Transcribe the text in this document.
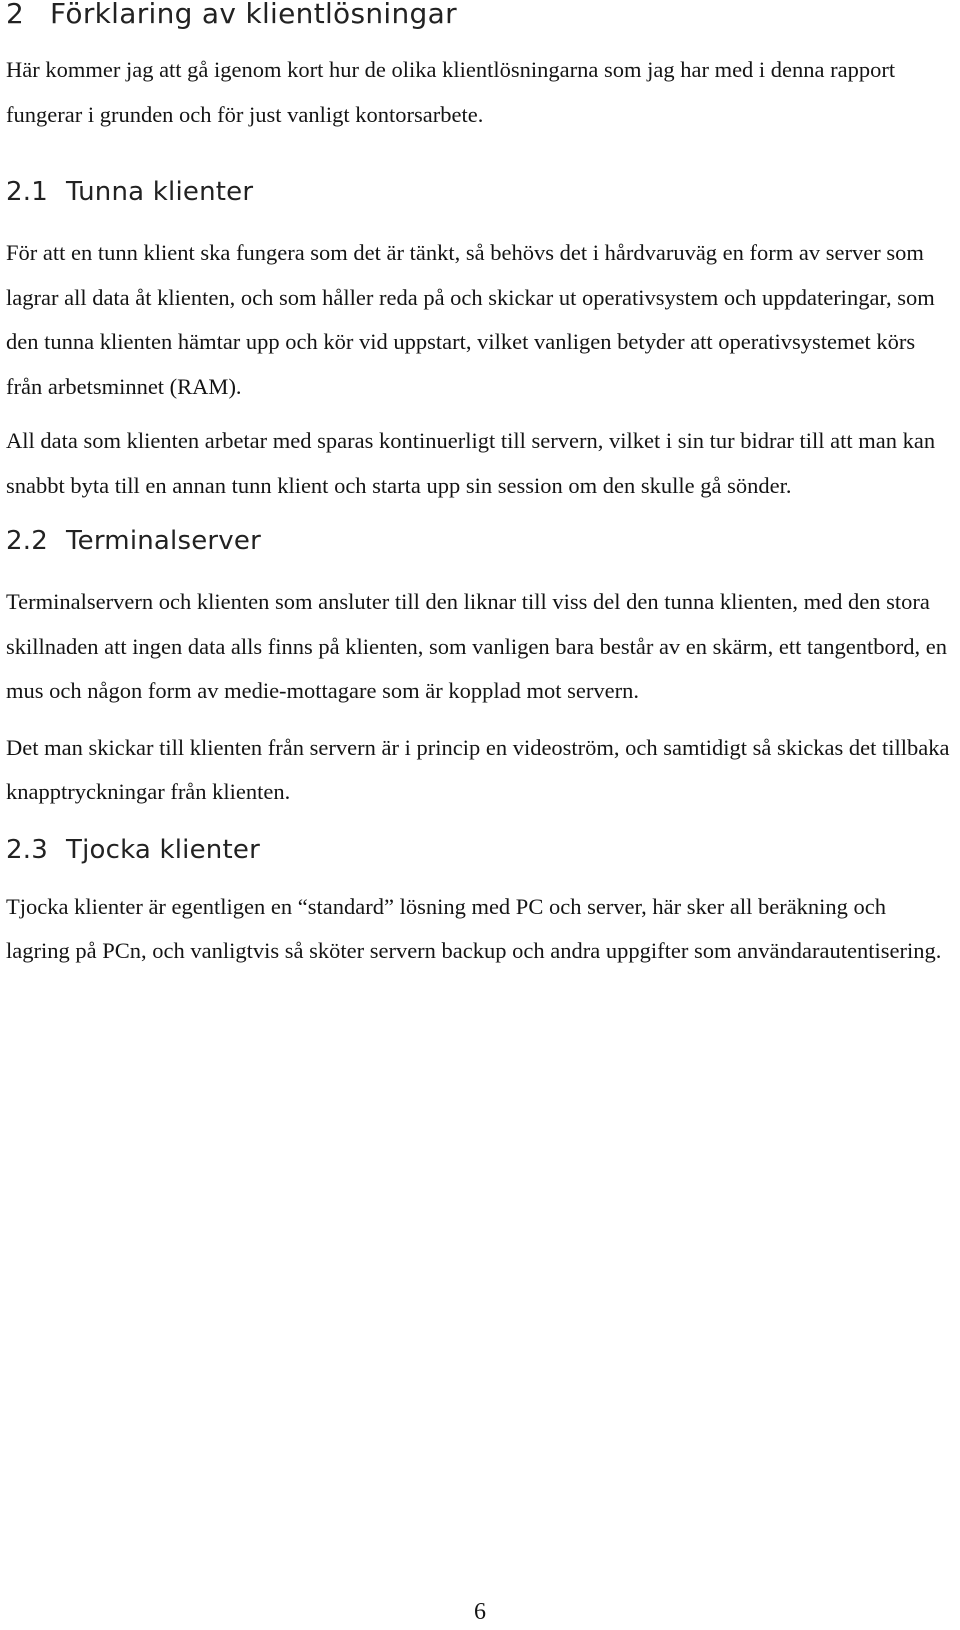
2 Förklaring av klientlösningar

Här kommer jag att gå igenom kort hur de olika klientlösningarna som jag har med i denna rapport fungerar i grunden och för just vanligt kontorsarbete.

2.1 Tunna klienter

För att en tunn klient ska fungera som det är tänkt, så behövs det i hårdvaruväg en form av server som lagrar all data åt klienten, och som håller reda på och skickar ut operativsystem och uppdateringar, som den tunna klienten hämtar upp och kör vid uppstart, vilket vanligen betyder att operativsystemet körs från arbetsminnet (RAM).

All data som klienten arbetar med sparas kontinuerligt till servern, vilket i sin tur bidrar till att man kan snabbt byta till en annan tunn klient och starta upp sin session om den skulle gå sönder.

2.2 Terminalserver

Terminalservern och klienten som ansluter till den liknar till viss del den tunna klienten, med den stora skillnaden att ingen data alls finns på klienten, som vanligen bara består av en skärm, ett tangentbord, en mus och någon form av medie-mottagare som är kopplad mot servern.

Det man skickar till klienten från servern är i princip en videoström, och samtidigt så skickas det tillbaka knapptryckningar från klienten.

2.3 Tjocka klienter

Tjocka klienter är egentligen en “standard” lösning med PC och server, här sker all beräkning och lagring på PCn, och vanligtvis så sköter servern backup och andra uppgifter som användarautentisering.

6
